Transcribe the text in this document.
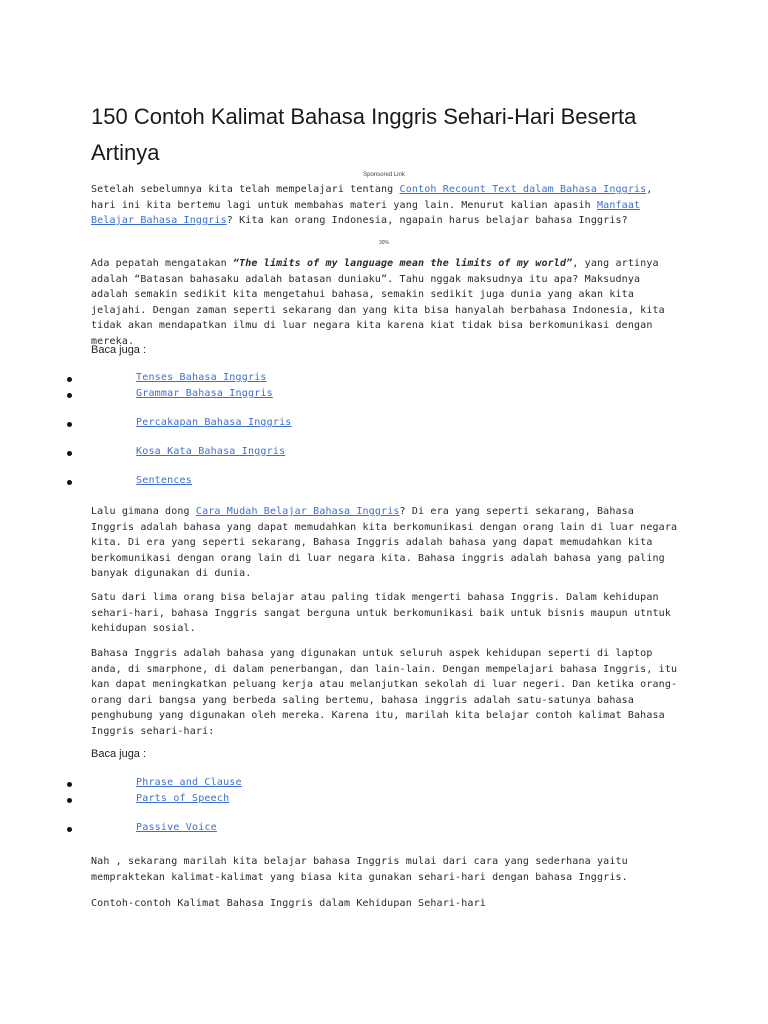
150 Contoh Kalimat Bahasa Inggris Sehari-Hari Beserta Artinya
Sponsored Link

Setelah sebelumnya kita telah mempelajari tentang Contoh Recount Text dalam Bahasa Inggris, hari ini kita bertemu lagi untuk membahas materi yang lain. Menurut kalian apasih Manfaat Belajar Bahasa Inggris? Kita kan orang Indonesia, ngapain harus belajar bahasa Inggris?

30%

Ada pepatah mengatakan “The limits of my language mean the limits of my world”, yang artinya adalah “Batasan bahasaku adalah batasan duniaku”. Tahu nggak maksudnya itu apa? Maksudnya adalah semakin sedikit kita mengetahui bahasa, semakin sedikit juga dunia yang akan kita jelajahi. Dengan zaman seperti sekarang dan yang kita bisa hanyalah berbahasa Indonesia, kita tidak akan mendapatkan ilmu di luar negara kita karena kiat tidak bisa berkomunikasi dengan mereka.

Baca juga :
Tenses Bahasa Inggris
Grammar Bahasa Inggris
Percakapan Bahasa Inggris
Kosa Kata Bahasa Inggris
Sentences

Lalu gimana dong Cara Mudah Belajar Bahasa Inggris? Di era yang seperti sekarang, Bahasa Inggris adalah bahasa yang dapat memudahkan kita berkomunikasi dengan orang lain di luar negara kita. Di era yang seperti sekarang, Bahasa Inggris adalah bahasa yang dapat memudahkan kita berkomunikasi dengan orang lain di luar negara kita. Bahasa inggris adalah bahasa yang paling banyak digunakan di dunia.

Satu dari lima orang bisa belajar atau paling tidak mengerti bahasa Inggris. Dalam kehidupan sehari-hari, bahasa Inggris sangat berguna untuk berkomunikasi baik untuk bisnis maupun utntuk kehidupan sosial.

Bahasa Inggris adalah bahasa yang digunakan untuk seluruh aspek kehidupan seperti di laptop anda, di smarphone, di dalam penerbangan, dan lain-lain. Dengan mempelajari bahasa Inggris, itu kan dapat meningkatkan peluang kerja atau melanjutkan sekolah di luar negeri. Dan ketika orang-orang dari bangsa yang berbeda saling bertemu, bahasa inggris adalah satu-satunya bahasa penghubung yang digunakan oleh mereka. Karena itu, marilah kita belajar contoh kalimat Bahasa Inggris sehari-hari:

Baca juga :
Phrase and Clause
Parts of Speech
Passive Voice

Nah , sekarang marilah kita belajar bahasa Inggris mulai dari cara yang sederhana yaitu mempraktekan kalimat-kalimat yang biasa kita gunakan sehari-hari dengan bahasa Inggris.

Contoh-contoh Kalimat Bahasa Inggris dalam Kehidupan Sehari-hari
